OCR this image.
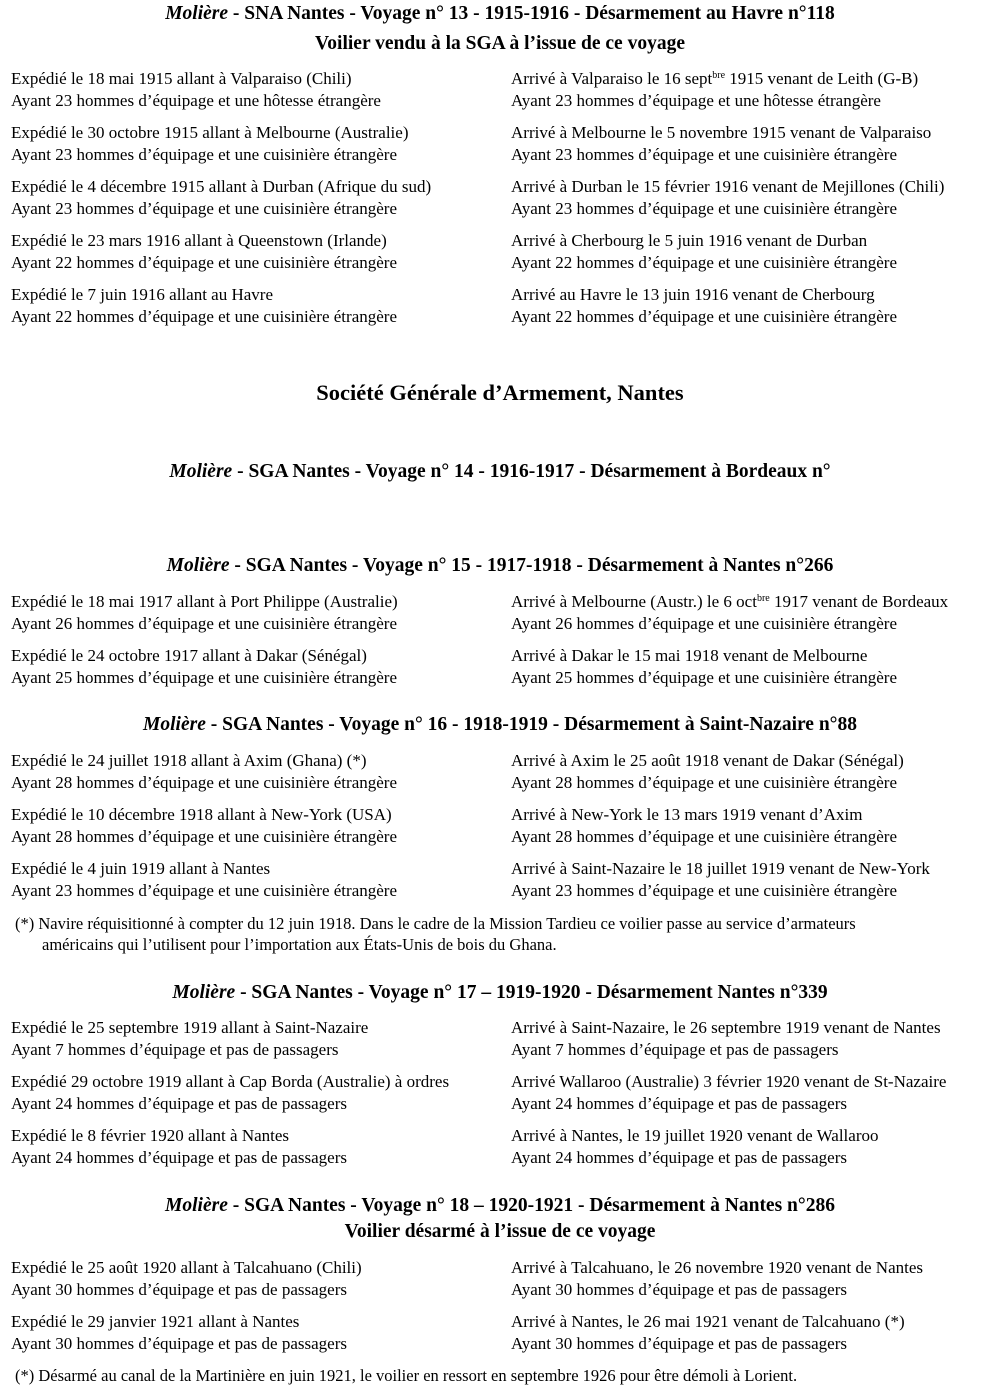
Molière - SNA Nantes - Voyage n° 13 - 1915-1916 - Désarmement au Havre n°118
Voilier vendu à la SGA à l’issue de ce voyage
Expédié le 18 mai 1915 allant à Valparaiso (Chili)
Ayant 23 hommes d’équipage et une hôtesse étrangère
Arrivé à Valparaiso le 16 sept$^{bre}$ 1915 venant de Leith (G-B)
Ayant 23 hommes d’équipage et une hôtesse étrangère
Expédié le 30 octobre 1915 allant à Melbourne (Australie)
Ayant 23 hommes d’équipage et une cuisinière étrangère
Arrivé à Melbourne le 5 novembre 1915 venant de Valparaiso
Ayant 23 hommes d’équipage et une cuisinière étrangère
Expédié le 4 décembre 1915 allant à Durban (Afrique du sud)
Ayant 23 hommes d’équipage et une cuisinière étrangère
Arrivé à Durban le 15 février 1916 venant de Mejillones (Chili)
Ayant 23 hommes d’équipage et une cuisinière étrangère
Expédié le 23 mars 1916 allant à Queenstown (Irlande)
Ayant 22 hommes d’équipage et une cuisinière étrangère
Arrivé à Cherbourg le 5 juin 1916 venant de Durban
Ayant 22 hommes d’équipage et une cuisinière étrangère
Expédié le 7 juin 1916 allant au Havre
Ayant 22 hommes d’équipage et une cuisinière étrangère
Arrivé au Havre le 13 juin 1916 venant de Cherbourg
Ayant 22 hommes d’équipage et une cuisinière étrangère
Société Générale d’Armement, Nantes
Molière - SGA Nantes - Voyage n° 14 - 1916-1917 - Désarmement à Bordeaux n°
Molière - SGA Nantes - Voyage n° 15 - 1917-1918 - Désarmement à Nantes n°266
Expédié le 18 mai 1917 allant à Port Philippe (Australie)
Ayant 26 hommes d’équipage et une cuisinière étrangère
Arrivé à Melbourne (Austr.) le 6 oct$^{bre}$ 1917 venant de Bordeaux
Ayant 26 hommes d’équipage et une cuisinière étrangère
Expédié le 24 octobre 1917 allant à Dakar (Sénégal)
Ayant 25 hommes d’équipage et une cuisinière étrangère
Arrivé à Dakar le 15 mai 1918 venant de Melbourne
Ayant 25 hommes d’équipage et une cuisinière étrangère
Molière - SGA Nantes - Voyage n° 16 - 1918-1919 - Désarmement à Saint-Nazaire n°88
Expédié le 24 juillet 1918 allant à Axim (Ghana) (*)
Ayant 28 hommes d’équipage et une cuisinière étrangère
Arrivé à Axim le 25 août 1918 venant de Dakar (Sénégal)
Ayant 28 hommes d’équipage et une cuisinière étrangère
Expédié le 10 décembre 1918 allant à New-York (USA)
Ayant 28 hommes d’équipage et une cuisinière étrangère
Arrivé à New-York le 13 mars 1919 venant d’Axim
Ayant 28 hommes d’équipage et une cuisinière étrangère
Expédié le 4 juin 1919 allant à Nantes
Ayant 23 hommes d’équipage et une cuisinière étrangère
Arrivé à Saint-Nazaire le 18 juillet 1919 venant de New-York
Ayant 23 hommes d’équipage et une cuisinière étrangère
(*) Navire réquisitionné à compter du 12 juin 1918. Dans le cadre de la Mission Tardieu ce voilier passe au service d’armateurs
américains qui l’utilisent pour l’importation aux États-Unis de bois du Ghana.
Molière - SGA Nantes - Voyage n° 17 – 1919-1920 - Désarmement Nantes n°339
Expédié le 25 septembre 1919 allant à Saint-Nazaire
Ayant 7 hommes d’équipage et pas de passagers
Arrivé à Saint-Nazaire, le 26 septembre 1919 venant de Nantes
Ayant 7 hommes d’équipage et pas de passagers
Expédié 29 octobre 1919 allant à Cap Borda (Australie) à ordres
Ayant 24 hommes d’équipage et pas de passagers
Arrivé Wallaroo (Australie) 3 février 1920 venant de St-Nazaire
Ayant 24 hommes d’équipage et pas de passagers
Expédié le 8 février 1920 allant à Nantes
Ayant 24 hommes d’équipage et pas de passagers
Arrivé à Nantes, le 19 juillet 1920 venant de Wallaroo
Ayant 24 hommes d’équipage et pas de passagers
Molière - SGA Nantes - Voyage n° 18 – 1920-1921 - Désarmement à Nantes n°286
Voilier désarmé à l’issue de ce voyage
Expédié le 25 août 1920 allant à Talcahuano (Chili)
Ayant 30 hommes d’équipage et pas de passagers
Arrivé à Talcahuano, le 26 novembre 1920 venant de Nantes
Ayant 30 hommes d’équipage et pas de passagers
Expédié le 29 janvier 1921 allant à Nantes
Ayant 30 hommes d’équipage et pas de passagers
Arrivé à Nantes, le 26 mai 1921 venant de Talcahuano (*)
Ayant 30 hommes d’équipage et pas de passagers
(*) Désarmé au canal de la Martinière en juin 1921, le voilier en ressort en septembre 1926 pour être démoli à Lorient.
